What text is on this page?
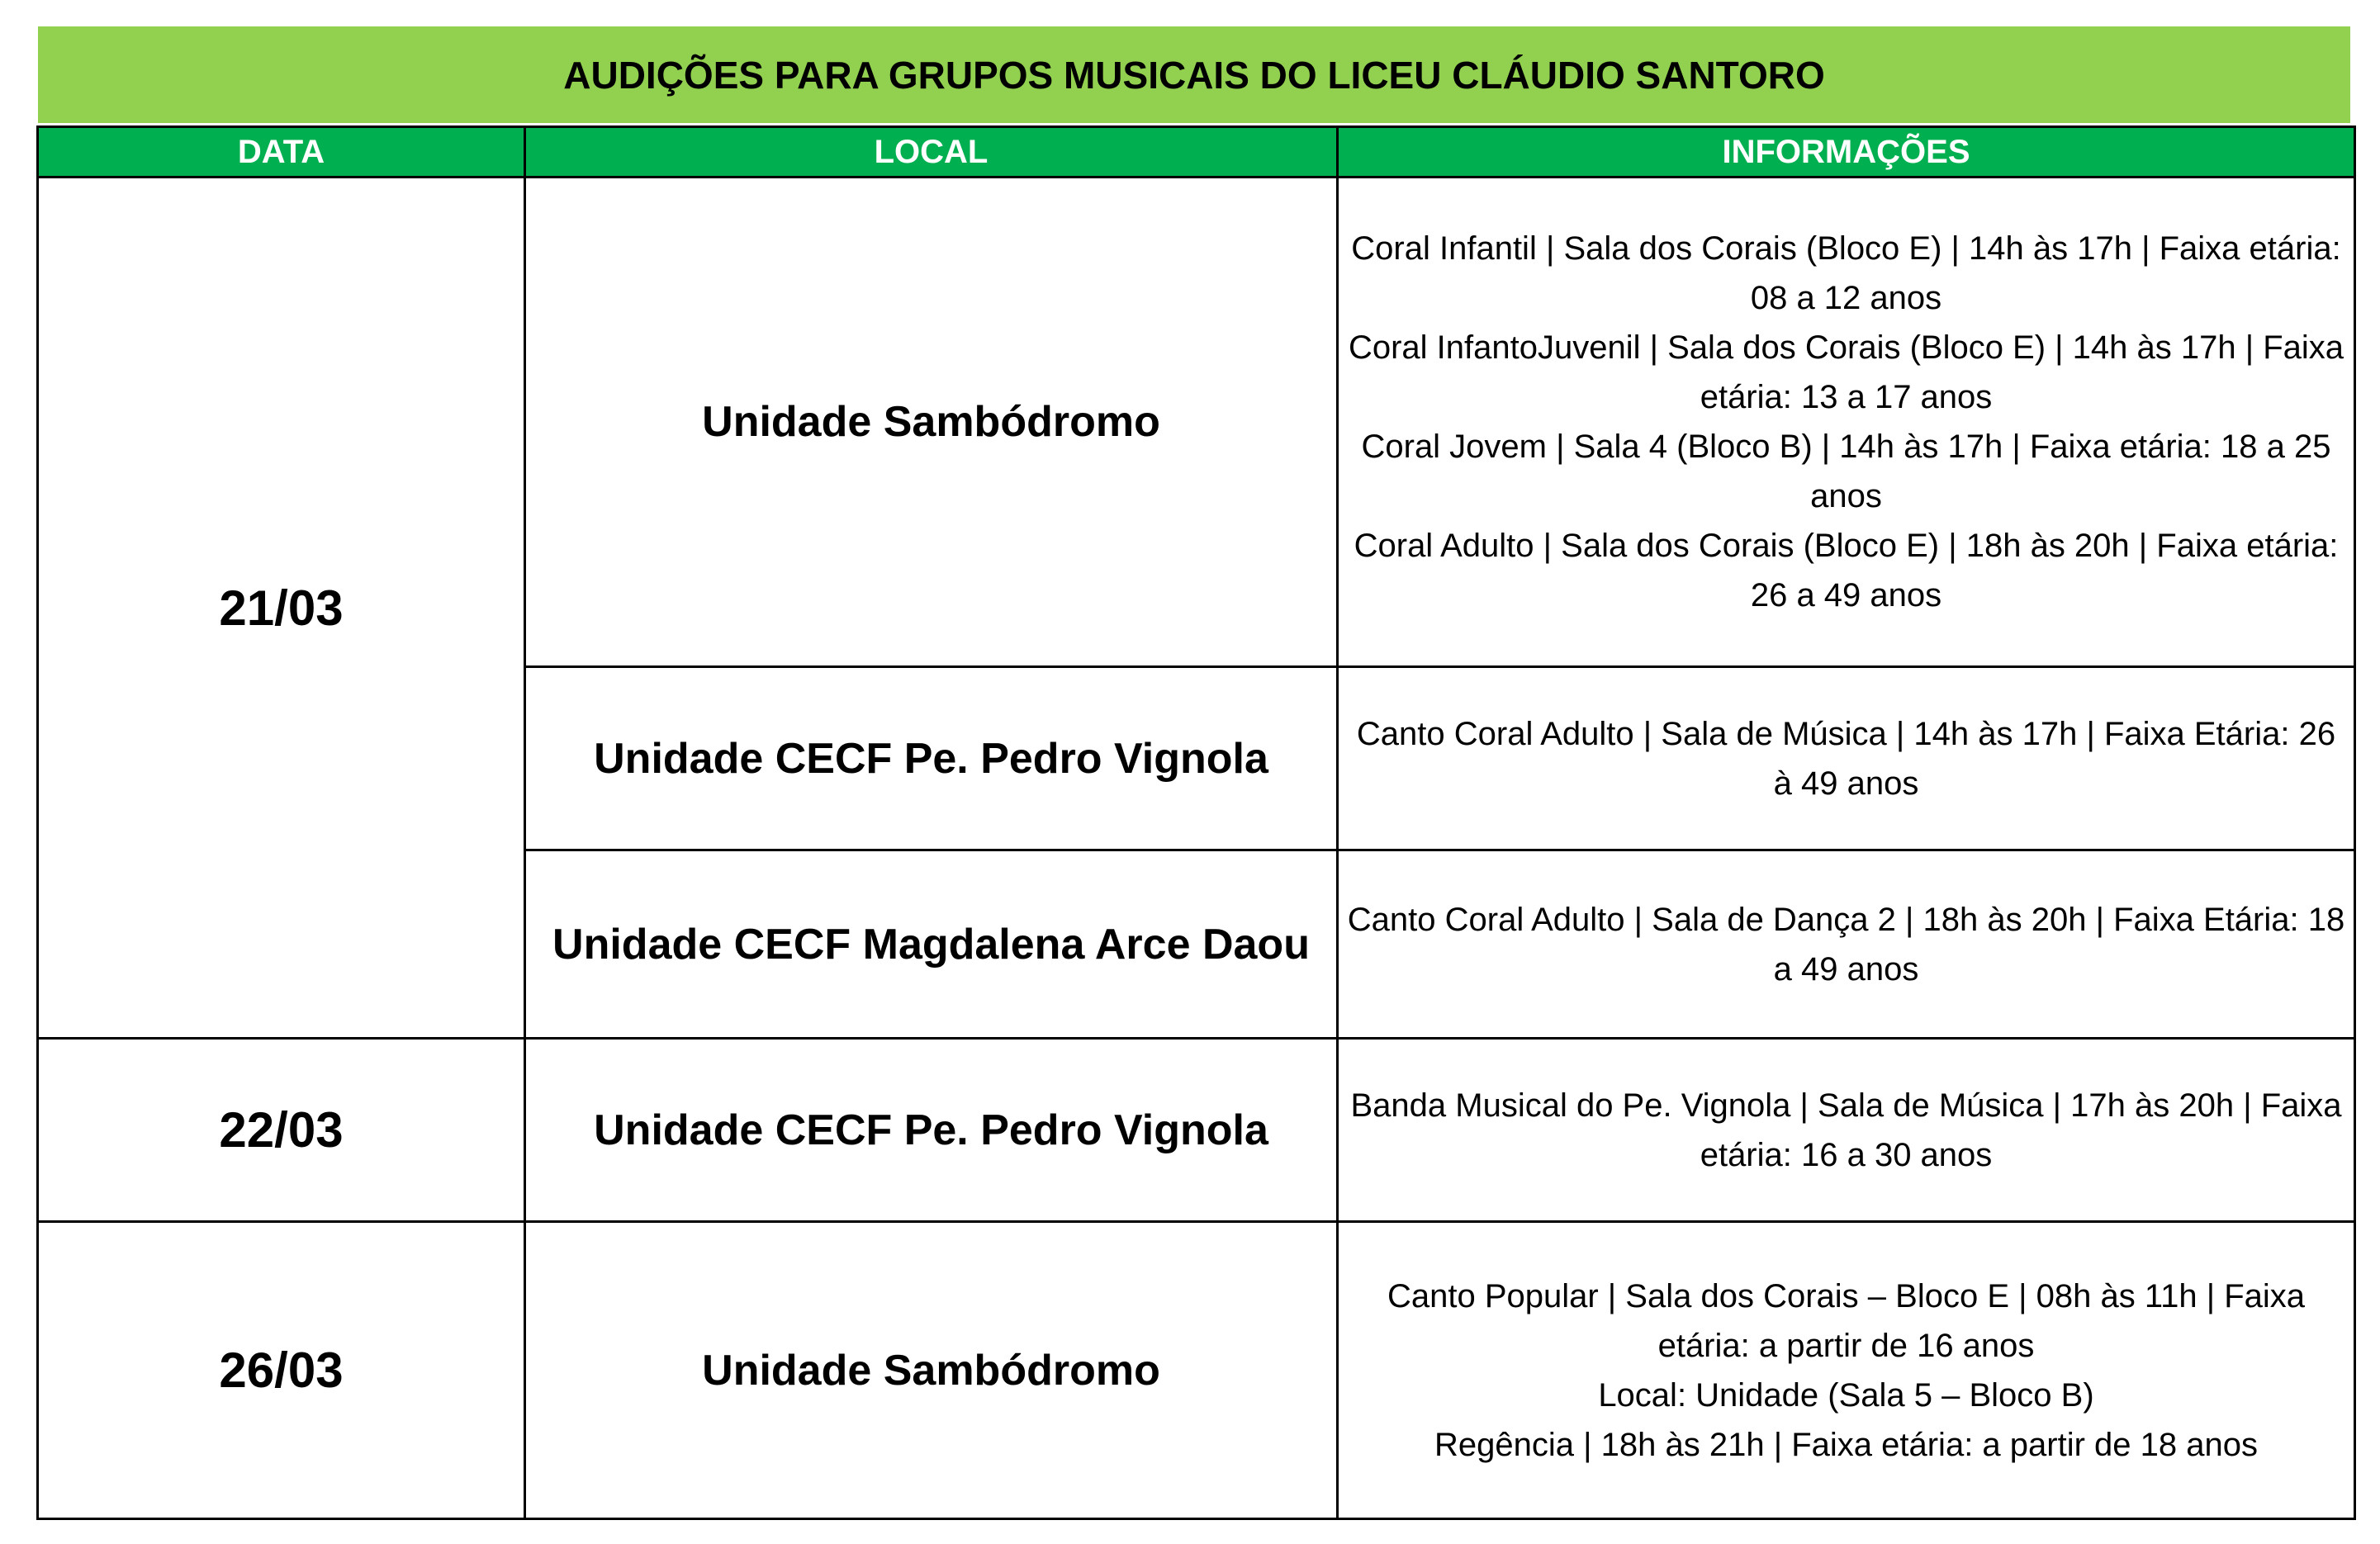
AUDIÇÕES PARA GRUPOS MUSICAIS DO LICEU CLÁUDIO SANTORO
DATA	LOCAL	INFORMAÇÕES
21/03	Unidade Sambódromo	Coral Infantil | Sala dos Corais (Bloco E) | 14h às 17h | Faixa etária: 08 a 12 anos
Coral InfantoJuvenil | Sala dos Corais (Bloco E) | 14h às 17h | Faixa etária: 13 a 17 anos
Coral Jovem | Sala 4 (Bloco B) | 14h às 17h | Faixa etária: 18 a 25 anos
Coral Adulto | Sala dos Corais (Bloco E) | 18h às 20h | Faixa etária: 26 a 49 anos

	Unidade CECF Pe. Pedro Vignola	Canto Coral Adulto | Sala de Música | 14h às 17h | Faixa Etária: 26 à 49 anos

	Unidade CECF Magdalena Arce Daou	Canto Coral Adulto | Sala de Dança 2 | 18h às 20h | Faixa Etária: 18 a 49 anos

22/03	Unidade CECF Pe. Pedro Vignola	Banda Musical do Pe. Vignola | Sala de Música | 17h às 20h | Faixa etária: 16 a 30 anos

26/03	Unidade Sambódromo	Canto Popular | Sala dos Corais – Bloco E | 08h às 11h | Faixa etária: a partir de 16 anos
Local: Unidade (Sala 5 – Bloco B)
Regência | 18h às 21h | Faixa etária: a partir de 18 anos
